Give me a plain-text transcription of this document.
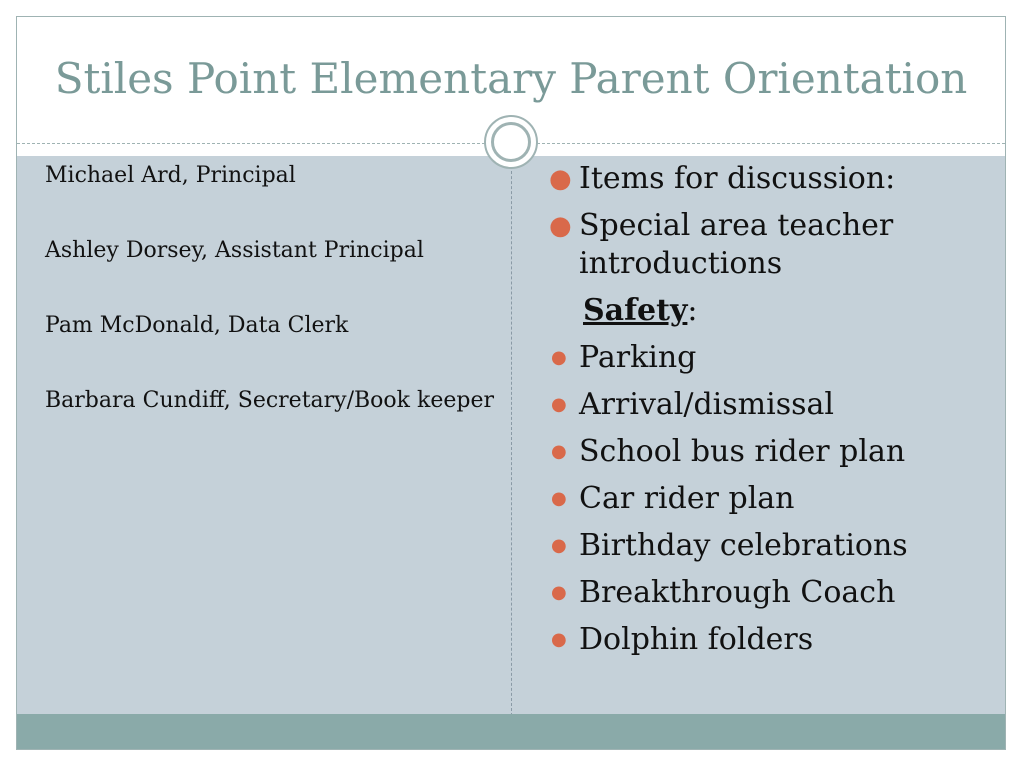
Stiles Point Elementary Parent Orientation
Michael Ard, Principal
Ashley Dorsey, Assistant Principal
Pam McDonald, Data Clerk
Barbara Cundiff, Secretary/Book keeper
● Items for discussion:
● Special area teacher introductions
Safety:
● Parking
● Arrival/dismissal
● School bus rider plan
● Car rider plan
● Birthday celebrations
● Breakthrough Coach
● Dolphin folders
